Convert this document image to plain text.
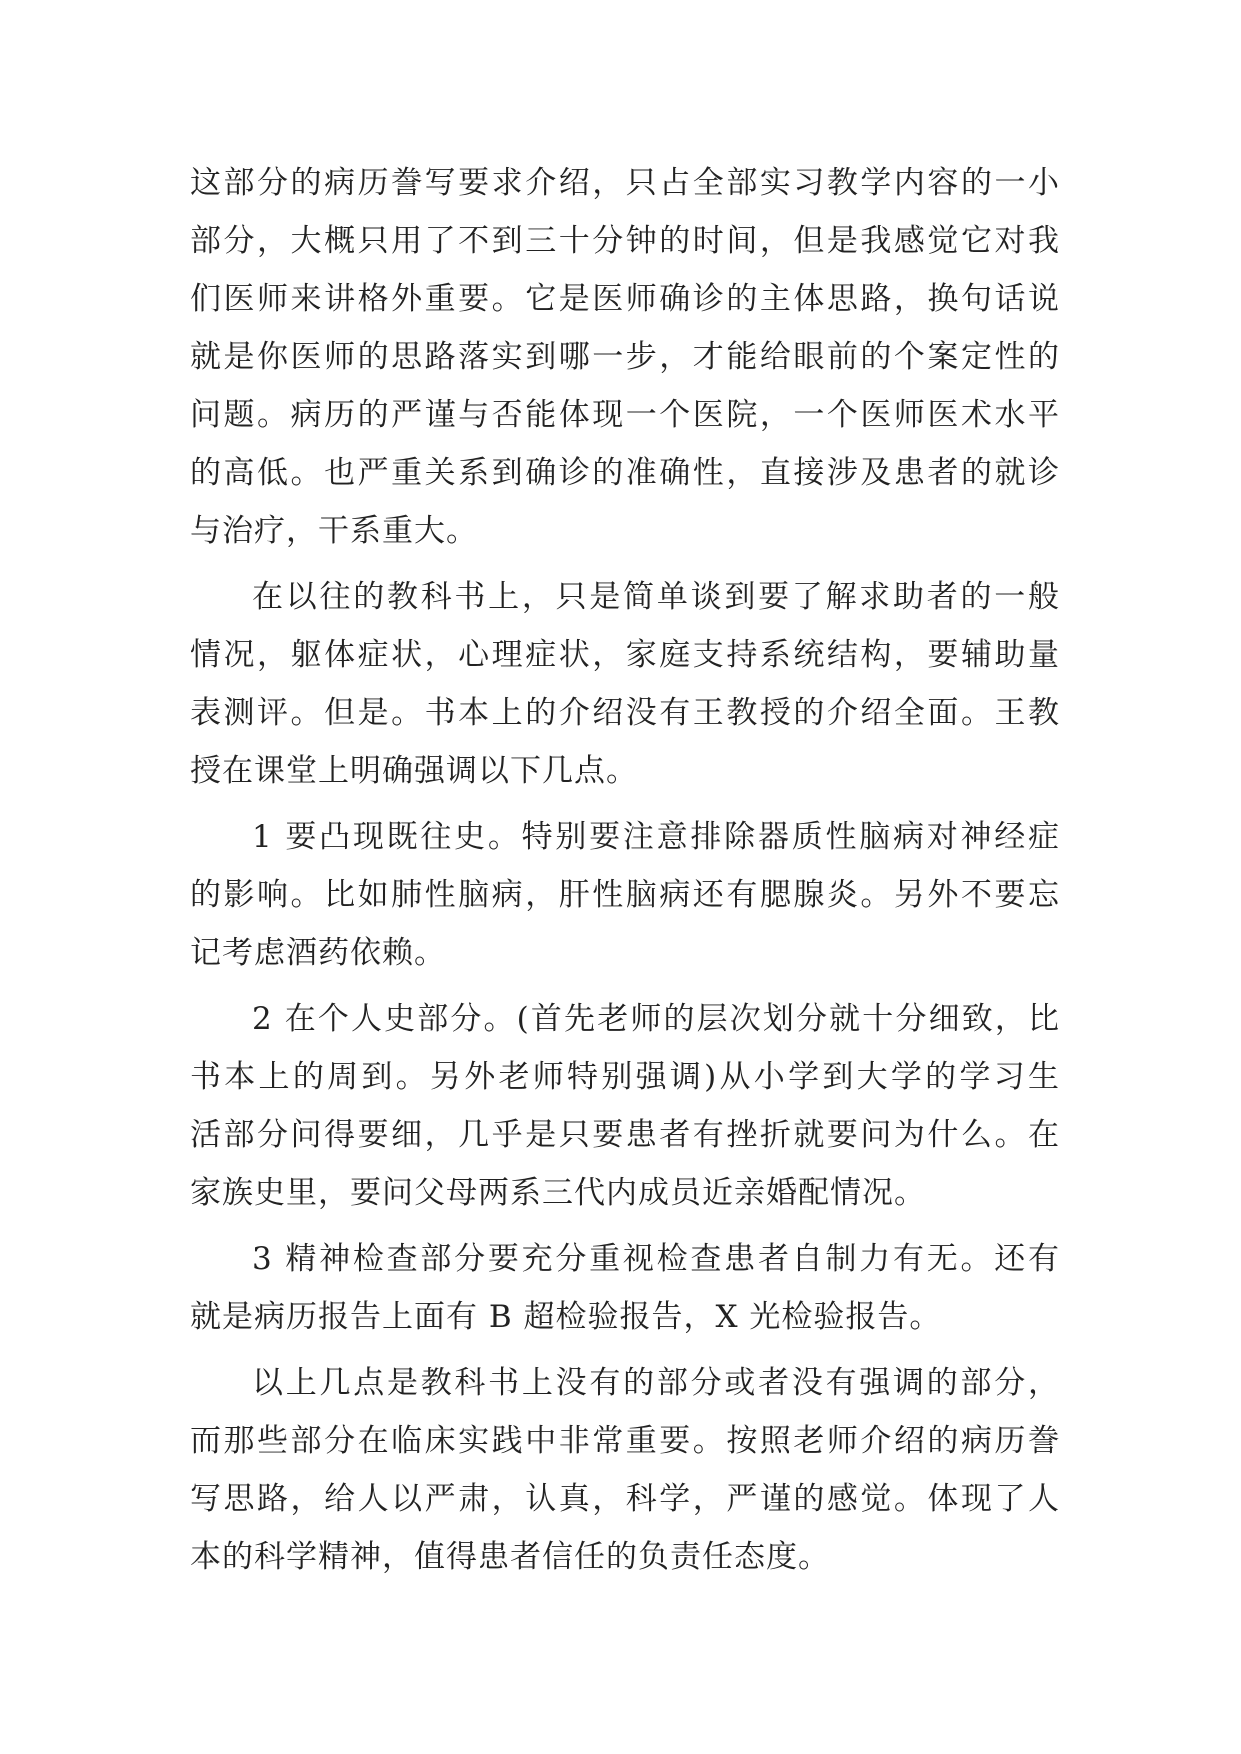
这部分的病历誊写要求介绍，只占全部实习教学内容的一小
部分，大概只用了不到三十分钟的时间，但是我感觉它对我
们医师来讲格外重要。它是医师确诊的主体思路，换句话说
就是你医师的思路落实到哪一步，才能给眼前的个案定性的
问题。病历的严谨与否能体现一个医院，一个医师医术水平
的高低。也严重关系到确诊的准确性，直接涉及患者的就诊
与治疗，干系重大。
在以往的教科书上，只是简单谈到要了解求助者的一般
情况，躯体症状，心理症状，家庭支持系统结构，要辅助量
表测评。但是。书本上的介绍没有王教授的介绍全面。王教
授在课堂上明确强调以下几点。
1 要凸现既往史。特别要注意排除器质性脑病对神经症
的影响。比如肺性脑病，肝性脑病还有腮腺炎。另外不要忘
记考虑酒药依赖。
2 在个人史部分。(首先老师的层次划分就十分细致，比
书本上的周到。另外老师特别强调)从小学到大学的学习生
活部分问得要细，几乎是只要患者有挫折就要问为什么。在
家族史里，要问父母两系三代内成员近亲婚配情况。
3 精神检查部分要充分重视检查患者自制力有无。还有
就是病历报告上面有 B 超检验报告，X 光检验报告。
以上几点是教科书上没有的部分或者没有强调的部分，
而那些部分在临床实践中非常重要。按照老师介绍的病历誊
写思路，给人以严肃，认真，科学，严谨的感觉。体现了人
本的科学精神，值得患者信任的负责任态度。
